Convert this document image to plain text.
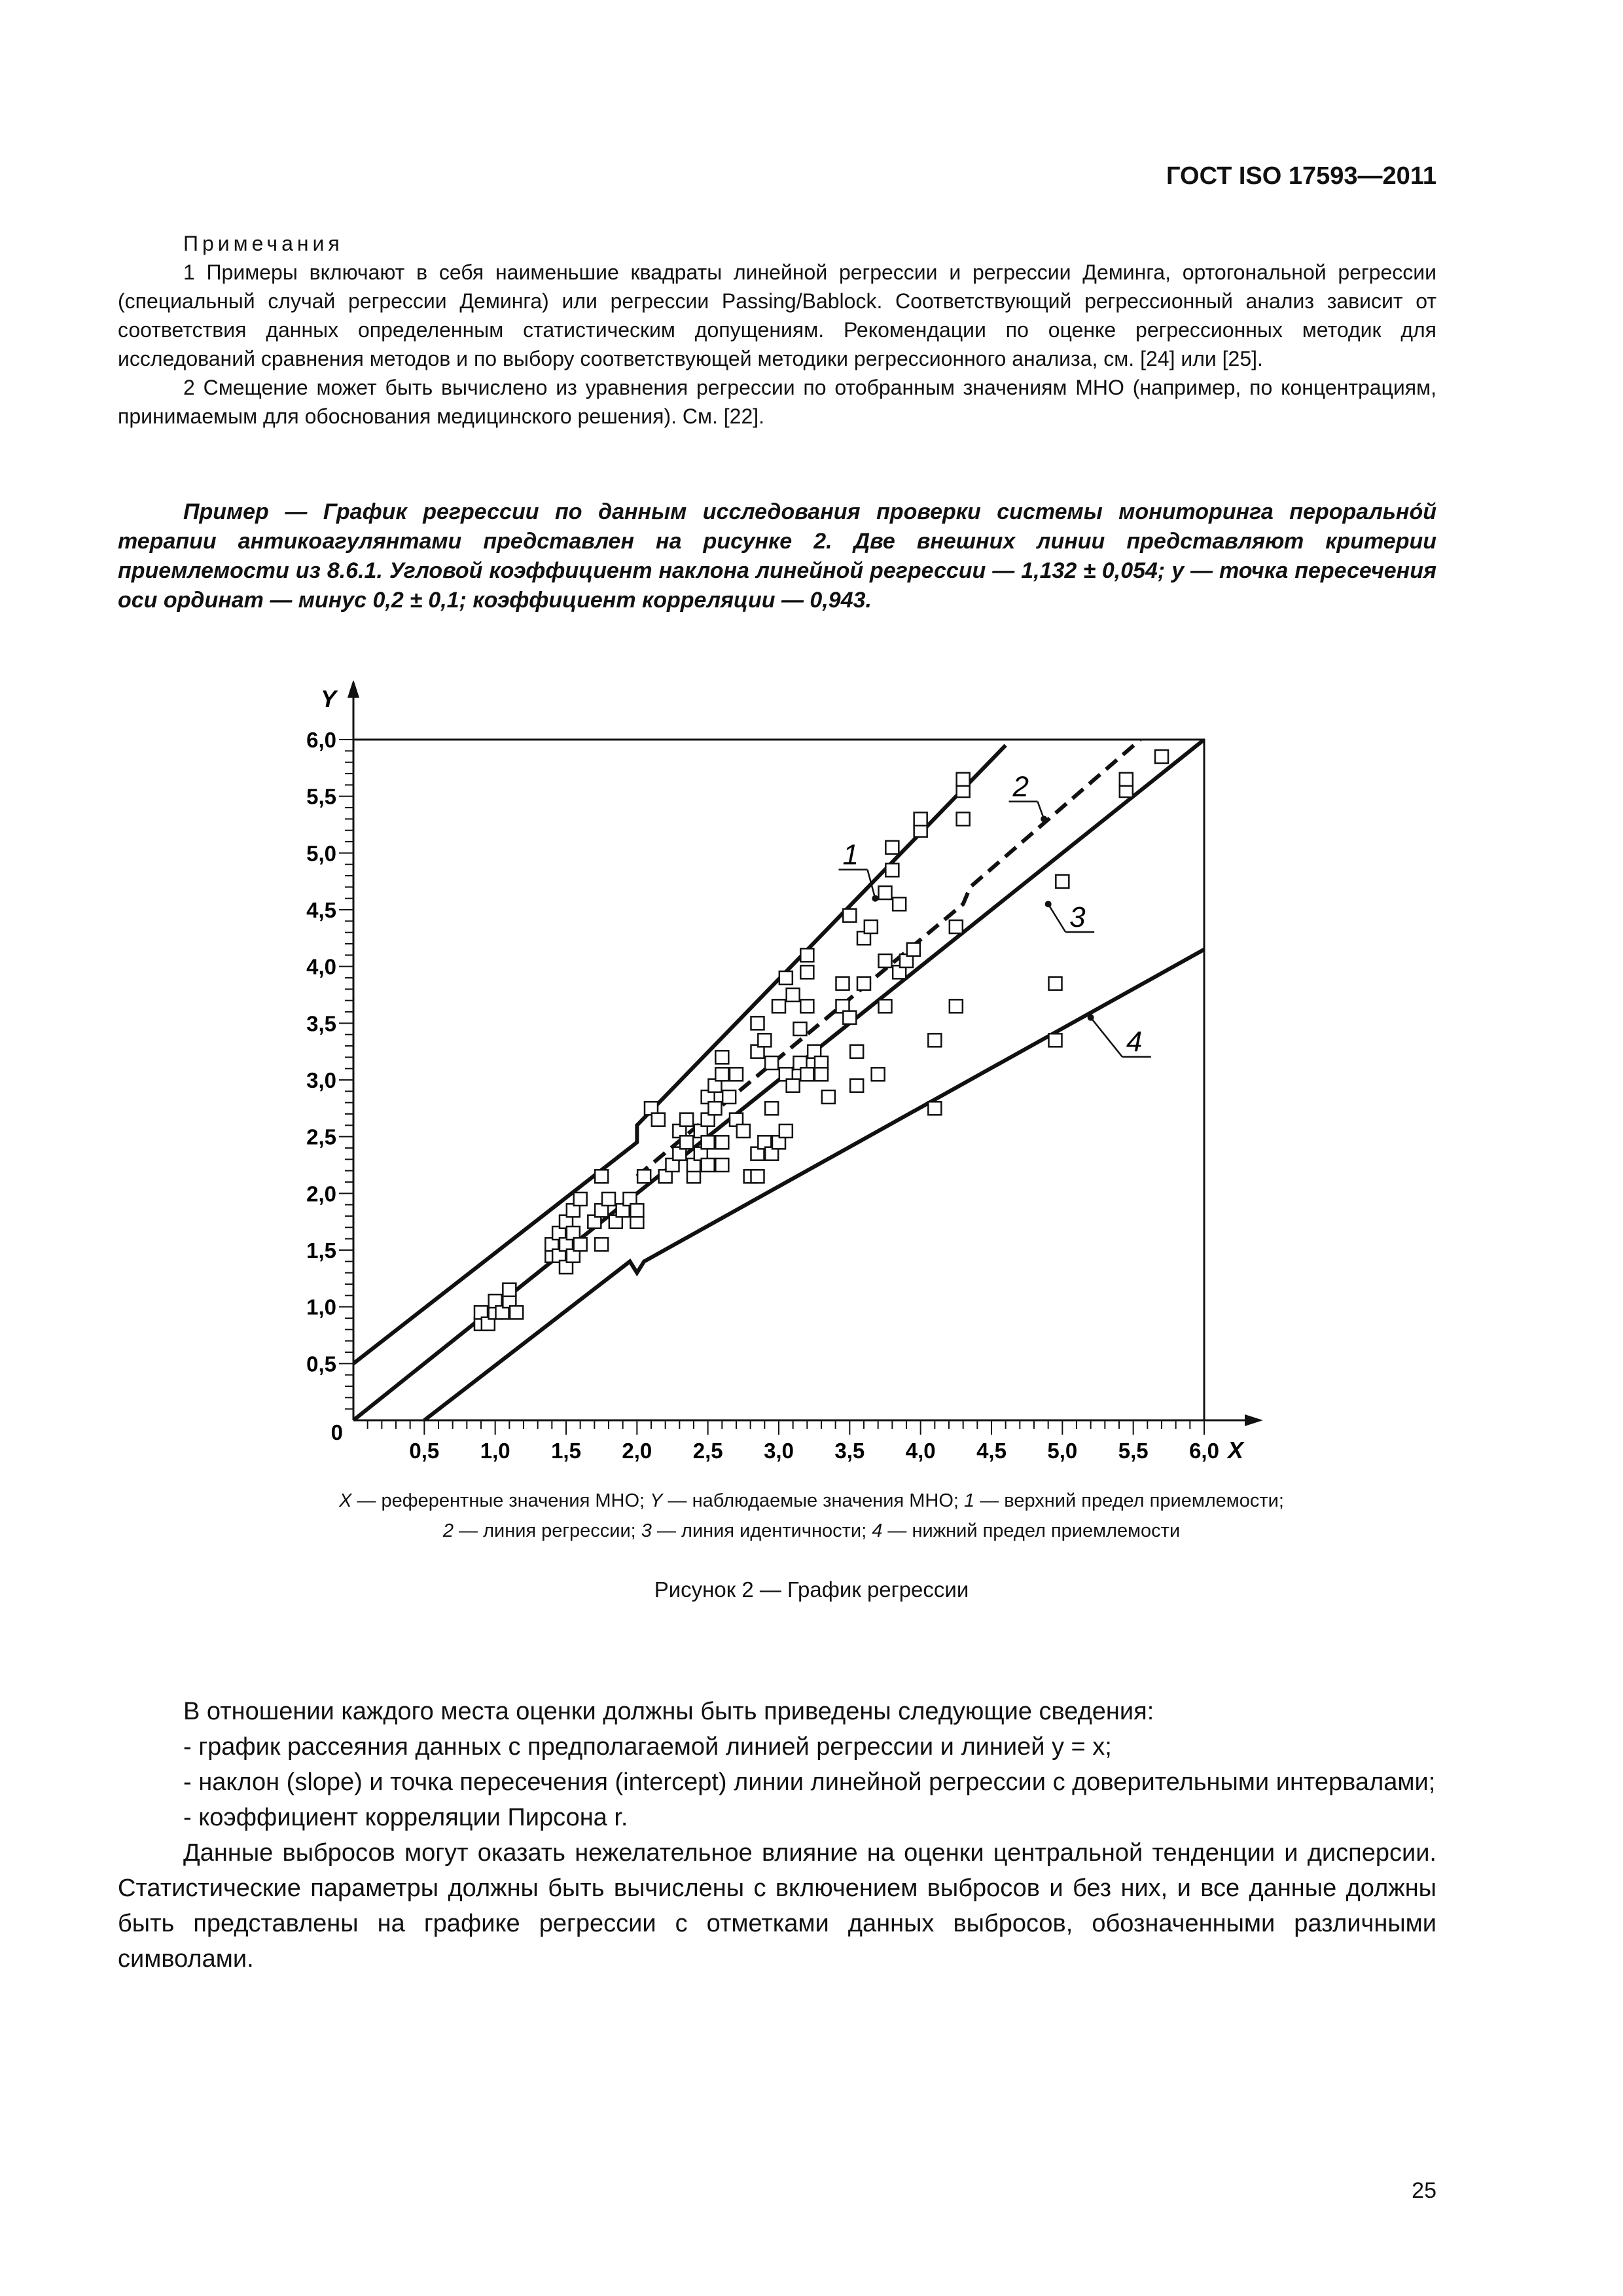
ГОСТ ISO 17593—2011

Примечания

1 Примеры включают в себя наименьшие квадраты линейной регрессии и регрессии Деминга, ортогональной регрессии (специальный случай регрессии Деминга) или регрессии Passing/Bablock. Соответствующий регрессионный анализ зависит от соответствия данных определенным статистическим допущениям. Рекомендации по оценке регрессионных методик для исследований сравнения методов и по выбору соответствующей методики регрессионного анализа, см. [24] или [25].

2 Смещение может быть вычислено из уравнения регрессии по отобранным значениям МНО (например, по концентрациям, принимаемым для обоснования медицинского решения). См. [22].

Пример — График регрессии по данным исследования проверки системы мониторинга перорально́й терапии антикоагулянтами представлен на рисунке 2. Две внешних линии представляют критерии приемлемости из 8.6.1. Угловой коэффициент наклона линейной регрессии — 1,132 ± 0,054; у — точка пересечения оси ординат — минус 0,2 ± 0,1; коэффициент корреляции — 0,943.
0,5 1,0 1,5 2,0 2,5 3,0 3,5 4,0 4,5 5,0 5,5 6,0
0,5
1,0
1,5
2,0
2,5
3,0
3,5
4,0
4,5
5,0
5,5
6,0
0
X
Y
1
2
3
4
X — референтные значения МНО; Y — наблюдаемые значения МНО; 1 — верхний предел приемлемости;
2 — линия регрессии; 3 — линия идентичности; 4 — нижний предел приемлемости
Рисунок 2 — График регрессии

В отношении каждого места оценки должны быть приведены следующие сведения:

- график рассеяния данных с предполагаемой линией регрессии и линией y = x;

- наклон (slope) и точка пересечения (intercept) линии линейной регрессии с доверительными интервалами;

- коэффициент корреляции Пирсона r.

Данные выбросов могут оказать нежелательное влияние на оценки центральной тенденции и дисперсии. Статистические параметры должны быть вычислены с включением выбросов и без них, и все данные должны быть представлены на графике регрессии с отметками данных выбросов, обозначенными различными символами.

25
